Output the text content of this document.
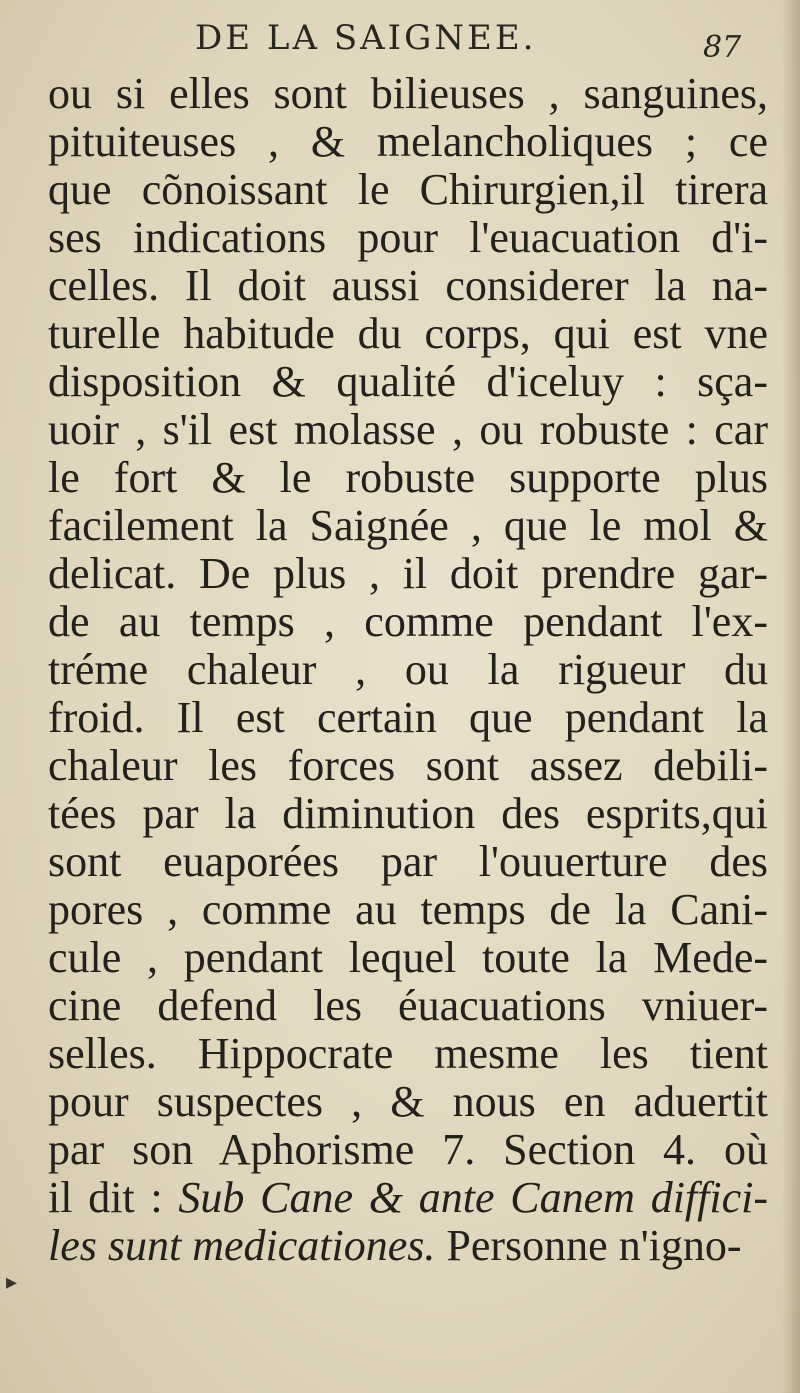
DE LA SAIGNEE.	87
ou si elles sont bilieuses , sanguines,
pituiteuses , & melancholiques ; ce
que cõnoissant le Chirurgien,il tirera
ses indications pour l'euacuation d'i-
celles. Il doit aussi considerer la na-
turelle habitude du corps, qui est vne
disposition & qualité d'iceluy : sça-
uoir , s'il est molasse , ou robuste : car
le fort & le robuste supporte plus
facilement la Saignée , que le mol &
delicat. De plus , il doit prendre gar-
de au temps , comme pendant l'ex-
tréme chaleur , ou la rigueur du
froid. Il est certain que pendant la
chaleur les forces sont assez debili-
tées par la diminution des esprits,qui
sont euaporées par l'ouuerture des
pores , comme au temps de la Cani-
cule , pendant lequel toute la Mede-
cine defend les éuacuations vniuer-
selles. Hippocrate mesme les tient
pour suspectes , & nous en aduertit
par son Aphorisme 7. Section 4. où
il dit : Sub Cane & ante Canem diffici-
les sunt medicationes. Personne n'igno-
▸
